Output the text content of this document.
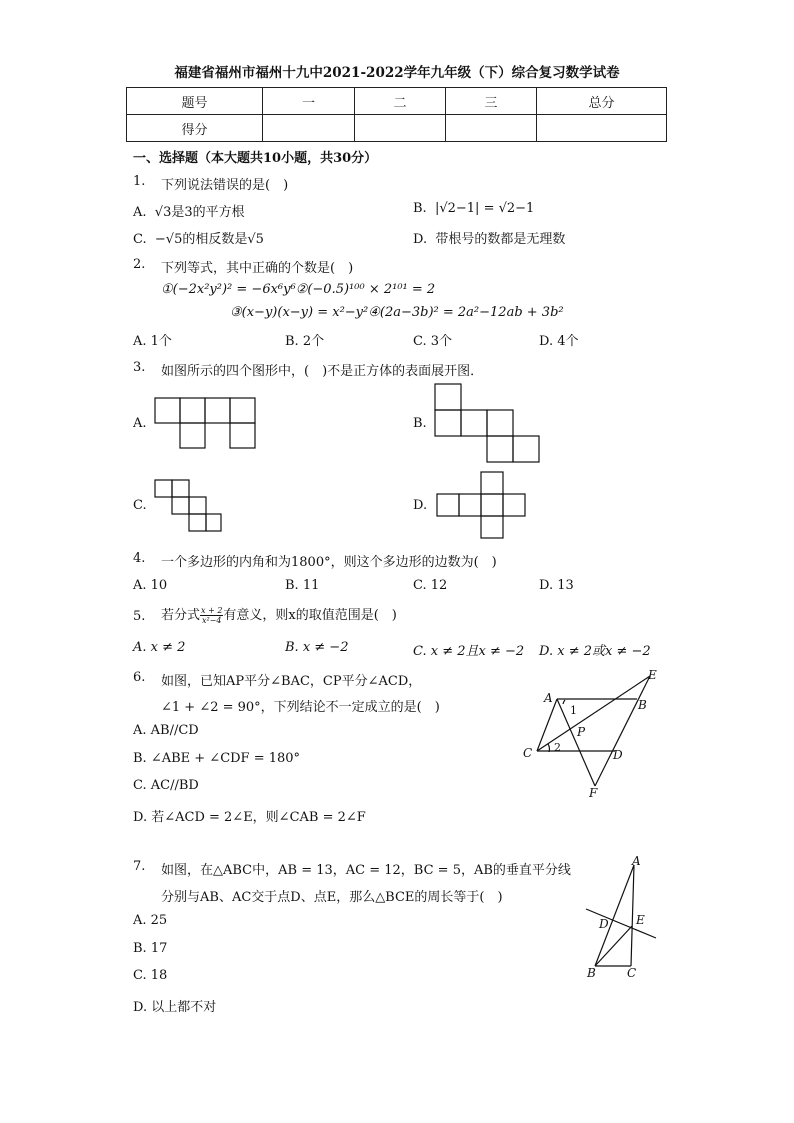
福建省福州市福州十九中2021-2022学年九年级（下）综合复习数学试卷
题号	一	二	三	总分
得分				
一、选择题（本大题共10小题，共30分）
1. 下列说法错误的是(　)
A. √3是3的平方根	B. |√2−1| = √2−1
C. −√5的相反数是√5	D. 带根号的数都是无理数
2. 下列等式，其中正确的个数是(　)
①(−2x²y²)² = −6x⁶y⁶②(−0.5)¹⁰⁰ × 2¹⁰¹ = 2
③(x−y)(x−y) = x²−y²④(2a−3b)² = 2a²−12ab + 3b²
A. 1个	B. 2个	C. 3个	D. 4个
3. 如图所示的四个图形中，(　)不是正方体的表面展开图．
A.	B.
C.	D.
4. 一个多边形的内角和为1800°，则这个多边形的边数为(　)
A. 10	B. 11	C. 12	D. 13
5. 若分式 $\frac{x + 2}{\text{x²−4}}$ 有意义，则x的取值范围是(　)
A. x ≠ 2	B. x ≠ −2	C. x ≠ 2且x ≠ −2 D. x ≠ 2或x ≠ −2
6. 如图，已知AP平分∠BAC，CP平分∠ACD，
∠1 + ∠2 = 90°，下列结论不一定成立的是(　)
A. AB//CD
B. ∠ABE + ∠CDF = 180°
C. AC//BD
D. 若∠ACD = 2∠E，则∠CAB = 2∠F
A	B
C	D
E
F
P
1
2
7. 如图，在△ABC中，AB = 13，AC = 12，BC = 5，AB的垂直平分线
分别与AB、AC交于点D、点E，那么△BCE的周长等于(　)
A. 25
B. 17
C. 18
D. 以上都不对
A
B	C
D E
